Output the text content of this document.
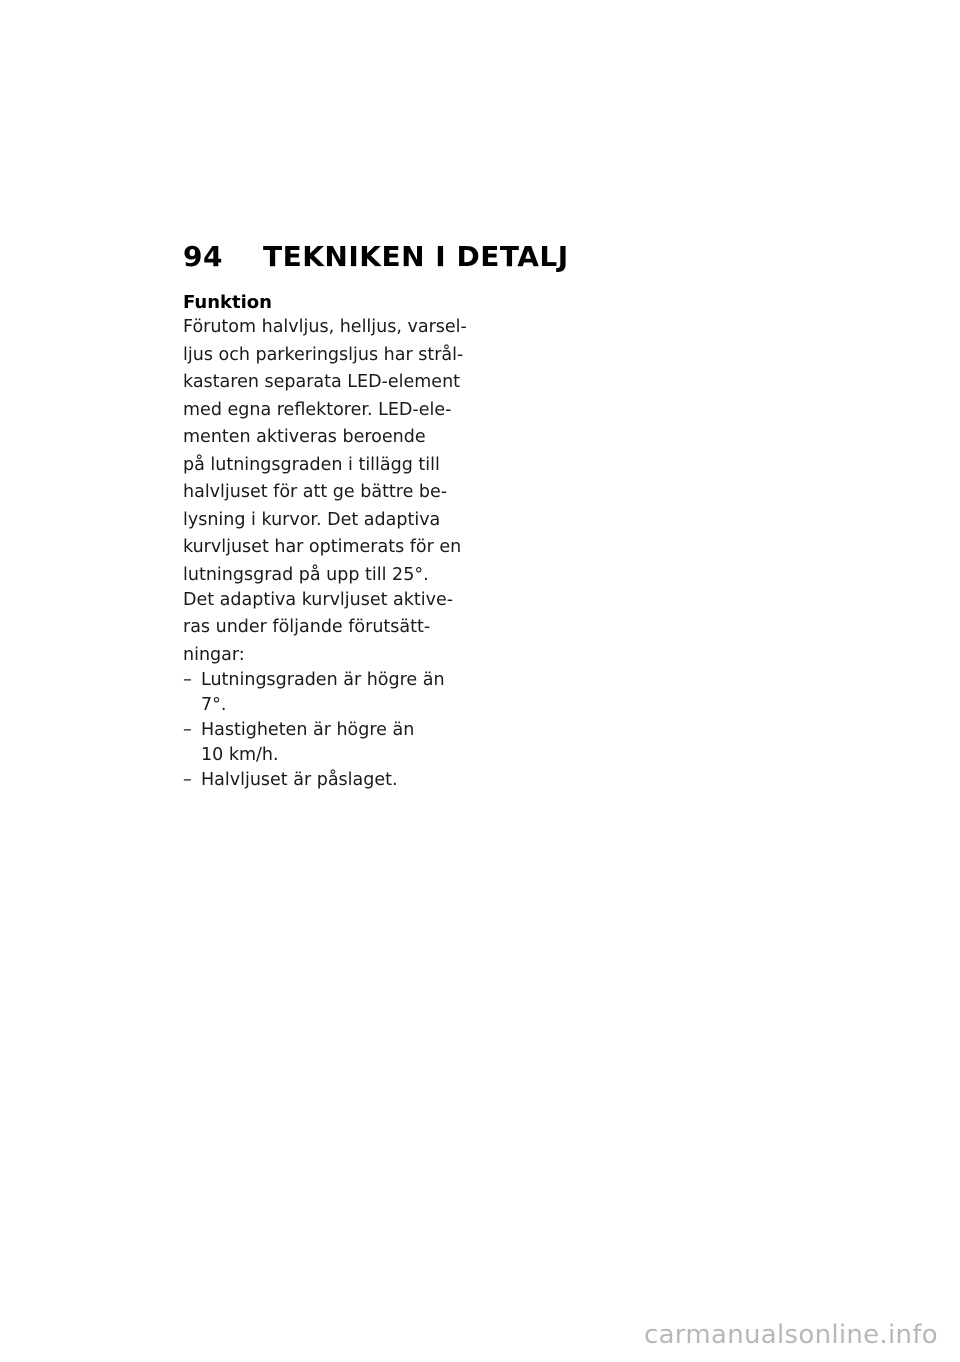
94	TEKNIKEN I DETALJ
Funktion
Förutom halvljus, helljus, varsel-
ljus och parkeringsljus har strål-
kastaren separata LED-element
med egna reflektorer. LED-ele-
menten aktiveras beroende
på lutningsgraden i tillägg till
halvljuset för att ge bättre be-
lysning i kurvor. Det adaptiva
kurvljuset har optimerats för en
lutningsgrad på upp till 25°.
Det adaptiva kurvljuset aktive-
ras under följande förutsätt-
ningar:
– Lutningsgraden är högre än
7°.
– Hastigheten är högre än
10 km/h.
– Halvljuset är påslaget.
carmanualsonline.info
